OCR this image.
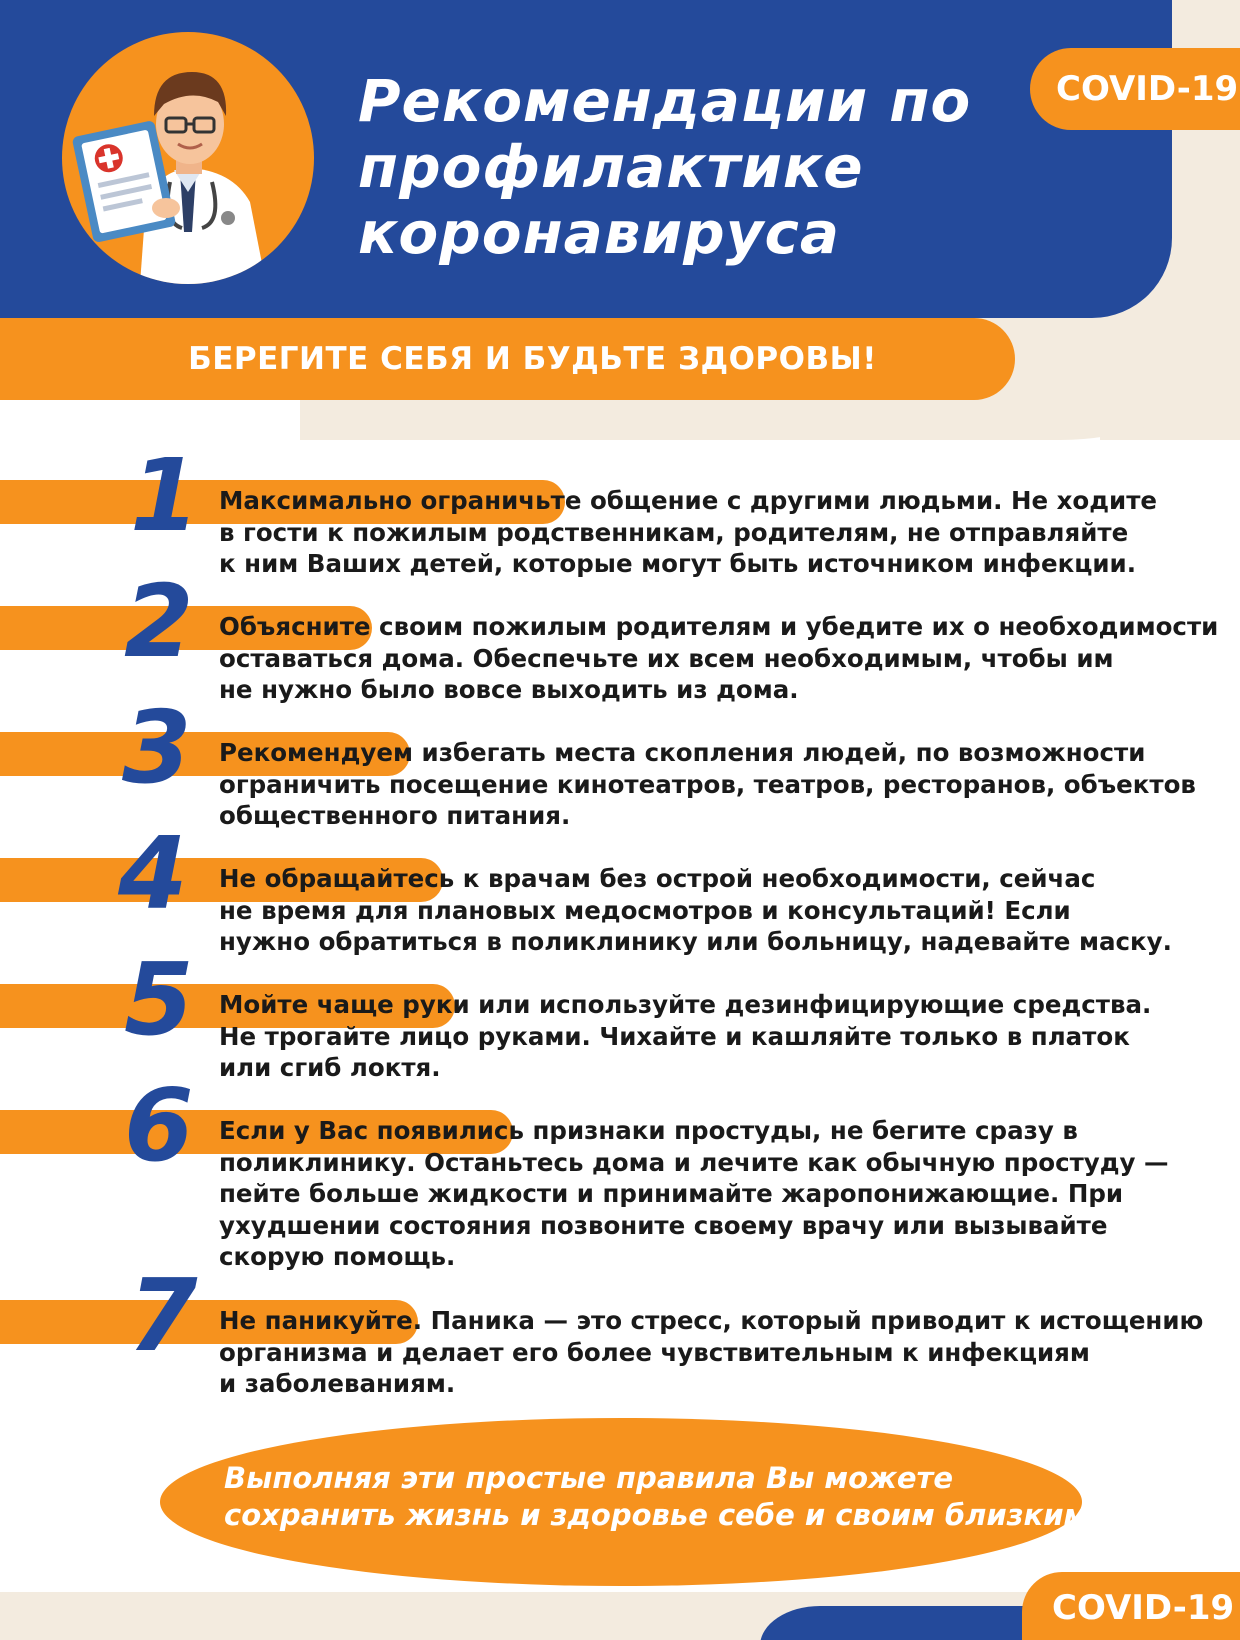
Рекомендации по
профилактике
коронавируса
COVID-19
БЕРЕГИТЕ СЕБЯ И БУДЬТЕ ЗДОРОВЫ!
1 Максимально ограничьте общение с другими людьми. Не ходите
в гости к пожилым родственникам, родителям, не отправляйте
к ним Ваших детей, которые могут быть источником инфекции.
2 Объясните своим пожилым родителям и убедите их о необходимости
оставаться дома. Обеспечьте их всем необходимым, чтобы им
не нужно было вовсе выходить из дома.
3 Рекомендуем избегать места скопления людей, по возможности
ограничить посещение кинотеатров, театров, ресторанов, объектов
общественного питания.
4 Не обращайтесь к врачам без острой необходимости, сейчас
не время для плановых медосмотров и консультаций! Если
нужно обратиться в поликлинику или больницу, надевайте маску.
5 Мойте чаще руки или используйте дезинфицирующие средства.
Не трогайте лицо руками. Чихайте и кашляйте только в платок
или сгиб локтя.
6 Если у Вас появились признаки простуды, не бегите сразу в
поликлинику. Останьтесь дома и лечите как обычную простуду —
пейте больше жидкости и принимайте жаропонижающие. При
ухудшении состояния позвоните своему врачу или вызывайте
скорую помощь.
7 Не паникуйте. Паника — это стресс, который приводит к истощению
организма и делает его более чувствительным к инфекциям
и заболеваниям.
Выполняя эти простые правила Вы можете
сохранить жизнь и здоровье себе и своим близким.
COVID-19
